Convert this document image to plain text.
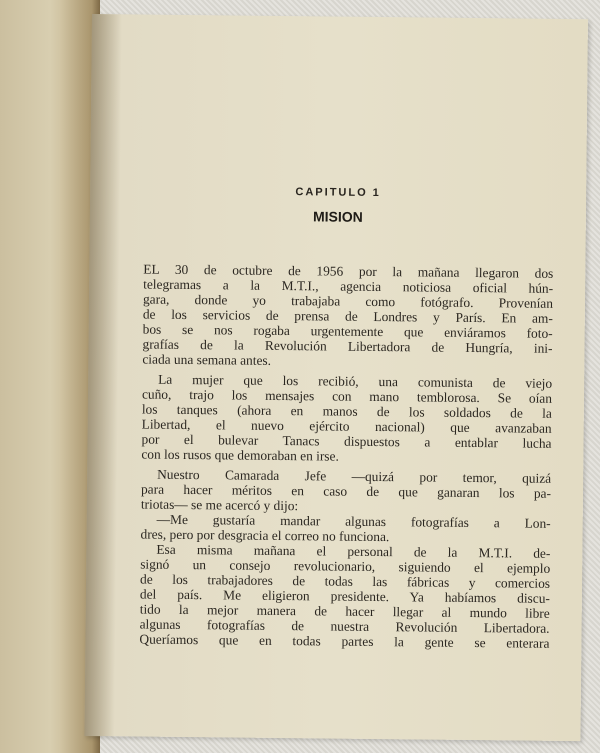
CAPITULO 1
MISION
EL 30 de octubre de 1956 por la mañana llegaron dos
telegramas a la M.T.I., agencia noticiosa oficial hún-
gara, donde yo trabajaba como fotógrafo. Provenían
de los servicios de prensa de Londres y París. En am-
bos se nos rogaba urgentemente que enviáramos foto-
grafías de la Revolución Libertadora de Hungría, ini-
ciada una semana antes.
La mujer que los recibió, una comunista de viejo
cuño, trajo los mensajes con mano temblorosa. Se oían
los tanques (ahora en manos de los soldados de la
Libertad, el nuevo ejército nacional) que avanzaban
por el bulevar Tanacs dispuestos a entablar lucha
con los rusos que demoraban en irse.
Nuestro Camarada Jefe —quizá por temor, quizá
para hacer méritos en caso de que ganaran los pa-
triotas— se me acercó y dijo:
—Me gustaría mandar algunas fotografías a Lon-
dres, pero por desgracia el correo no funciona.
Esa misma mañana el personal de la M.T.I. de-
signó un consejo revolucionario, siguiendo el ejemplo
de los trabajadores de todas las fábricas y comercios
del país. Me eligieron presidente. Ya habíamos discu-
tido la mejor manera de hacer llegar al mundo libre
algunas fotografías de nuestra Revolución Libertadora.
Queríamos que en todas partes la gente se enterara
